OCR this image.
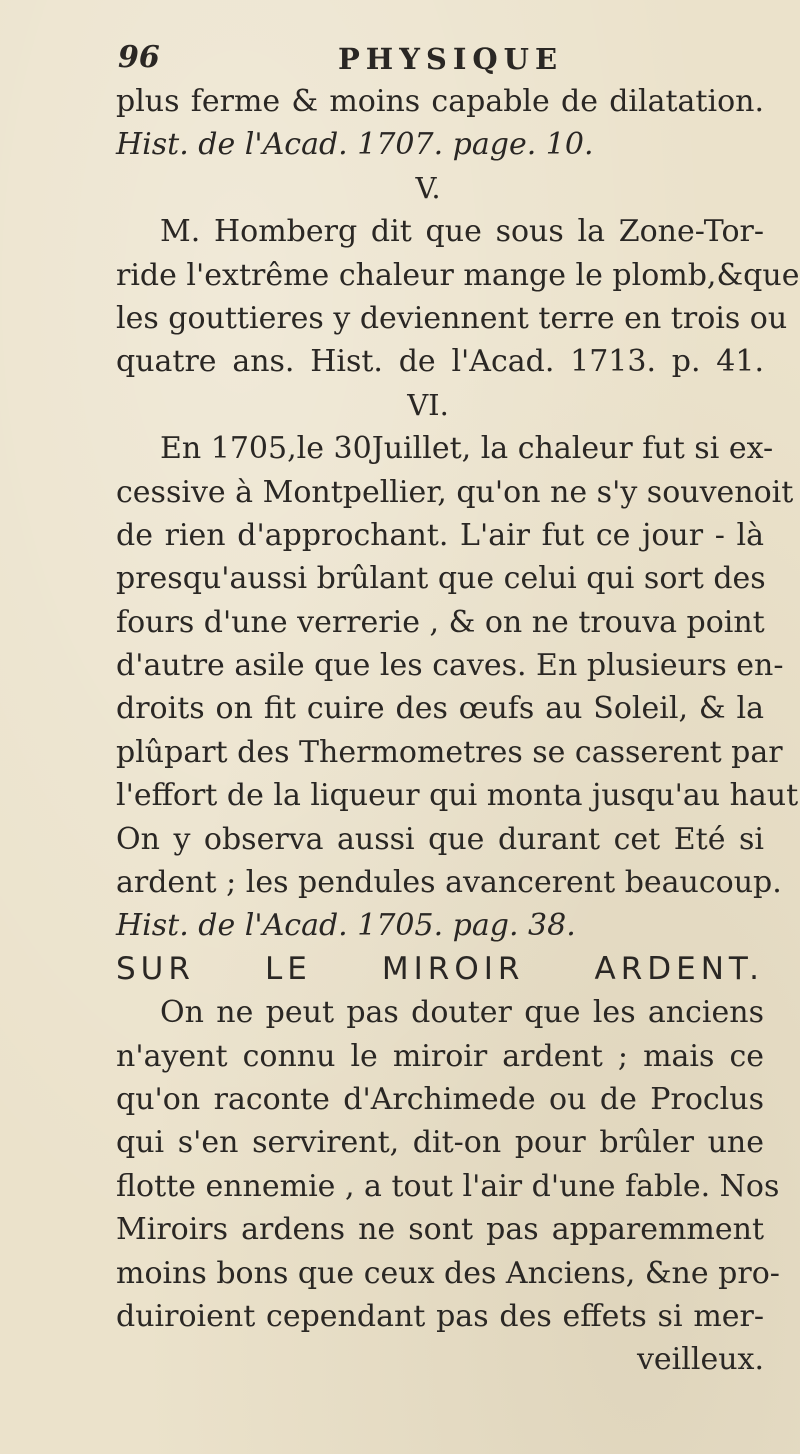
96	PHYSIQUE
plus ferme & moins capable de dilatation.
Hist. de l'Acad. 1707. page. 10.
V.
M. Homberg dit que sous la Zone-Tor-
ride l'extrême chaleur mange le plomb,&que
les gouttieres y deviennent terre en trois ou
quatre ans. Hist. de l'Acad. 1713. p. 41.
VI.
En 1705,le 30Juillet, la chaleur fut si ex-
cessive à Montpellier, qu'on ne s'y souvenoit
de rien d'approchant. L'air fut ce jour - là
presqu'aussi brûlant que celui qui sort des
fours d'une verrerie , & on ne trouva point
d'autre asile que les caves. En plusieurs en-
droits on fit cuire des œufs au Soleil, & la
plûpart des Thermometres se casserent par
l'effort de la liqueur qui monta jusqu'au haut
On y observa aussi que durant cet Eté si
ardent ; les pendules avancerent beaucoup.
Hist. de l'Acad. 1705. pag. 38.
SUR LE MIROIR ARDENT.
On ne peut pas douter que les anciens
n'ayent connu le miroir ardent ; mais ce
qu'on raconte d'Archimede ou de Proclus
qui s'en servirent, dit-on pour brûler une
flotte ennemie , a tout l'air d'une fable. Nos
Miroirs ardens ne sont pas apparemment
moins bons que ceux des Anciens, &ne pro-
duiroient cependant pas des effets si mer-
veilleux.
